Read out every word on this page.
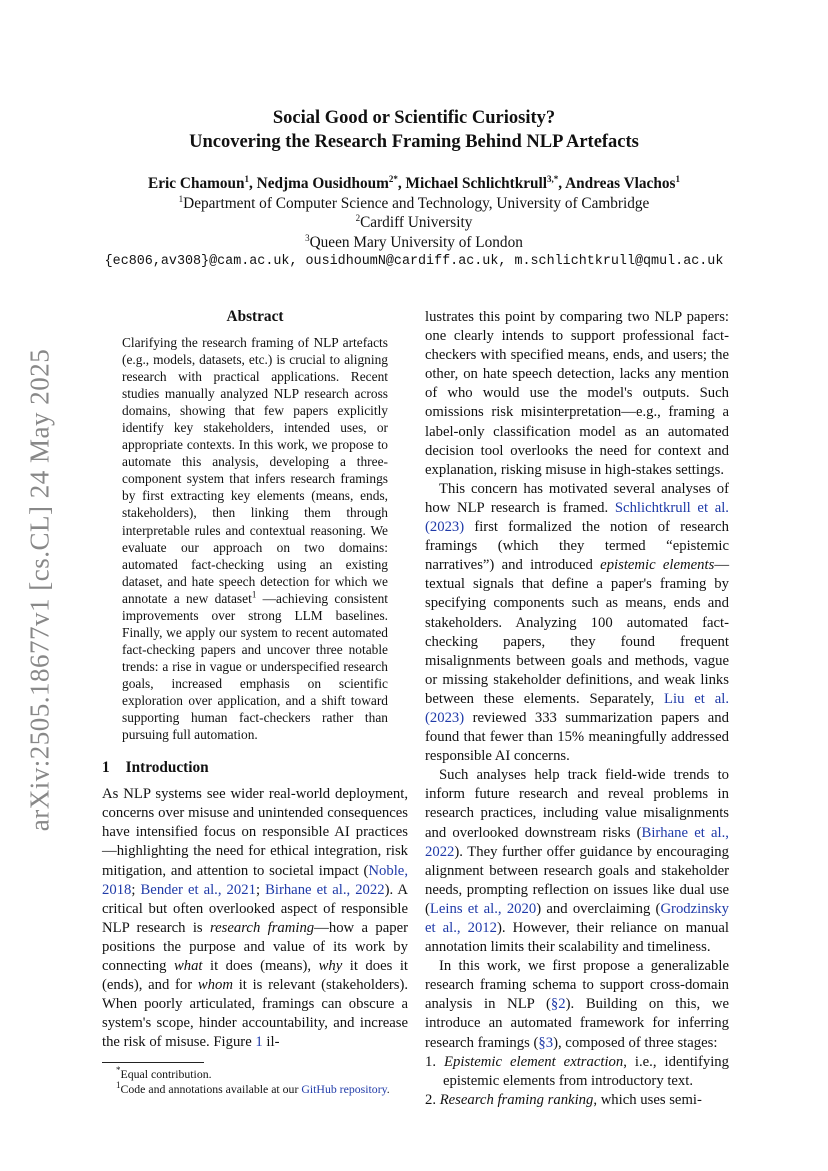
arXiv:2505.18677v1 [cs.CL] 24 May 2025
Social Good or Scientific Curiosity?
Uncovering the Research Framing Behind NLP Artefacts
Eric Chamoun$^1$, Nedjma Ousidhoum$^{2*}$, Michael Schlichtkrull$^{3,*}$, Andreas Vlachos$^1$
$^1$Department of Computer Science and Technology, University of Cambridge
$^2$Cardiff University
$^3$Queen Mary University of London
{ec806,av308}@cam.ac.uk, ousidhoumN@cardiff.ac.uk, m.schlichtkrull@qmul.ac.uk
Abstract

Clarifying the research framing of NLP artefacts (e.g., models, datasets, etc.) is crucial to aligning research with practical applications. Recent studies manually analyzed NLP research across domains, showing that few papers explicitly identify key stakeholders, intended uses, or appropriate contexts. In this work, we propose to automate this analysis, developing a three-component system that infers research framings by first extracting key elements (means, ends, stakeholders), then linking them through interpretable rules and contextual reasoning. We evaluate our approach on two domains: automated fact-checking using an existing dataset, and hate speech detection for which we annotate a new dataset$^1$ —achieving consistent improvements over strong LLM baselines. Finally, we apply our system to recent automated fact-checking papers and uncover three notable trends: a rise in vague or underspecified research goals, increased emphasis on scientific exploration over application, and a shift toward supporting human fact-checkers rather than pursuing full automation.

1 Introduction

As NLP systems see wider real-world deployment, concerns over misuse and unintended consequences have intensified focus on responsible AI practices—highlighting the need for ethical integration, risk mitigation, and attention to societal impact (Noble, 2018; Bender et al., 2021; Birhane et al., 2022). A critical but often overlooked aspect of responsible NLP research is research framing—how a paper positions the purpose and value of its work by connecting what it does (means), why it does it (ends), and for whom it is relevant (stakeholders). When poorly articulated, framings can obscure a system's scope, hinder accountability, and increase the risk of misuse. Figure 1 il-

*Equal contribution.
$^1$Code and annotations available at our GitHub repository.

lustrates this point by comparing two NLP papers: one clearly intends to support professional fact-checkers with specified means, ends, and users; the other, on hate speech detection, lacks any mention of who would use the model's outputs. Such omissions risk misinterpretation—e.g., framing a label-only classification model as an automated decision tool overlooks the need for context and explanation, risking misuse in high-stakes settings.

This concern has motivated several analyses of how NLP research is framed. Schlichtkrull et al. (2023) first formalized the notion of research framings (which they termed “epistemic narratives”) and introduced epistemic elements—textual signals that define a paper's framing by specifying components such as means, ends and stakeholders. Analyzing 100 automated fact-checking papers, they found frequent misalignments between goals and methods, vague or missing stakeholder definitions, and weak links between these elements. Separately, Liu et al. (2023) reviewed 333 summarization papers and found that fewer than 15% meaningfully addressed responsible AI concerns.

Such analyses help track field-wide trends to inform future research and reveal problems in research practices, including value misalignments and overlooked downstream risks (Birhane et al., 2022). They further offer guidance by encouraging alignment between research goals and stakeholder needs, prompting reflection on issues like dual use (Leins et al., 2020) and overclaiming (Grodzinsky et al., 2012). However, their reliance on manual annotation limits their scalability and timeliness.

In this work, we first propose a generalizable research framing schema to support cross-domain analysis in NLP (§2). Building on this, we introduce an automated framework for inferring research framings (§3), composed of three stages:

1. Epistemic element extraction, i.e., identifying epistemic elements from introductory text.
2. Research framing ranking, which uses semi-
